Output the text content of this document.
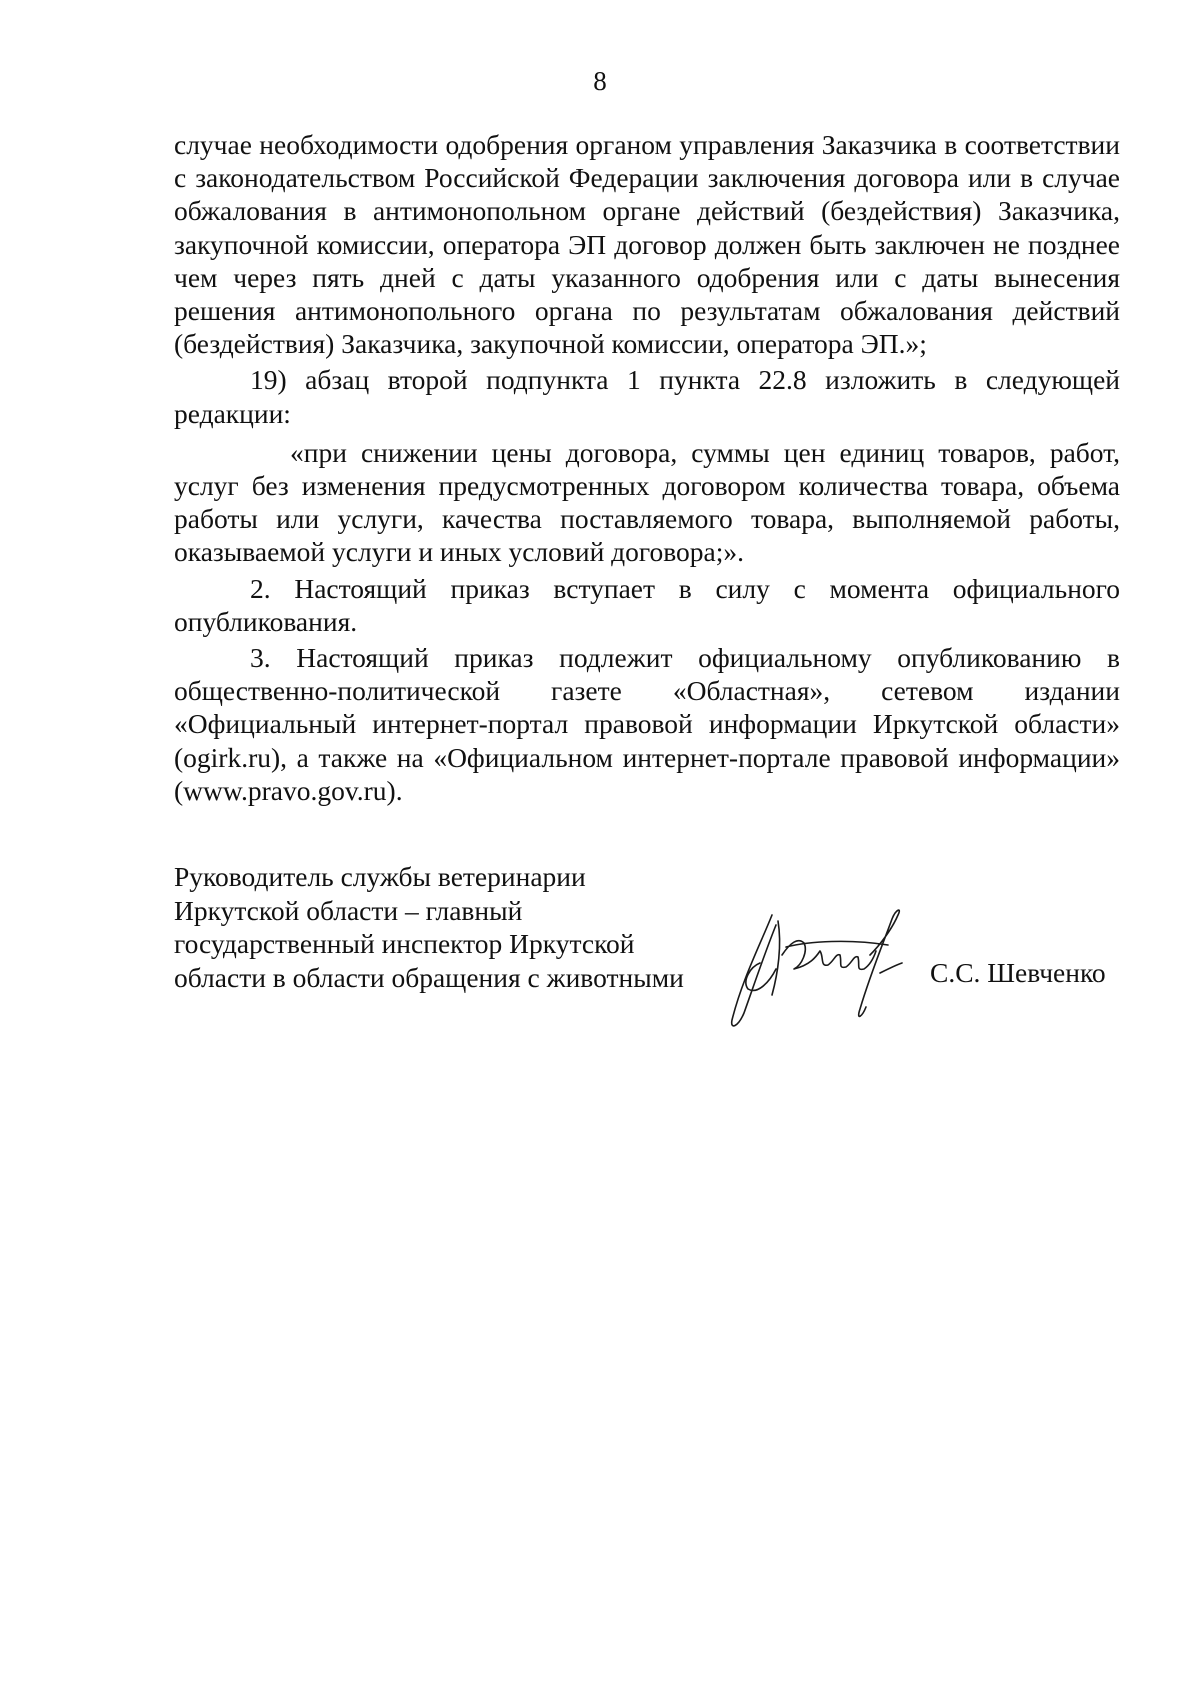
8

случае необходимости одобрения органом управления Заказчика в соответствии с законодательством Российской Федерации заключения договора или в случае обжалования в антимонопольном органе действий (бездействия) Заказчика, закупочной комиссии, оператора ЭП договор должен быть заключен не позднее чем через пять дней с даты указанного одобрения или с даты вынесения решения антимонопольного органа по результатам обжалования действий (бездействия) Заказчика, закупочной комиссии, оператора ЭП.»;

19) абзац второй подпункта 1 пункта 22.8 изложить в следующей редакции:

«при снижении цены договора, суммы цен единиц товаров, работ, услуг без изменения предусмотренных договором количества товара, объема работы или услуги, качества поставляемого товара, выполняемой работы, оказываемой услуги и иных условий договора;».

2. Настоящий приказ вступает в силу с момента официального опубликования.

3. Настоящий приказ подлежит официальному опубликованию в общественно-политической газете «Областная», сетевом издании «Официальный интернет-портал правовой информации Иркутской области» (ogirk.ru), а также на «Официальном интернет-портале правовой информации» (www.pravo.gov.ru).

Руководитель службы ветеринарии
Иркутской области – главный
государственный инспектор Иркутской
области в области обращения с животными	С.С. Шевченко
